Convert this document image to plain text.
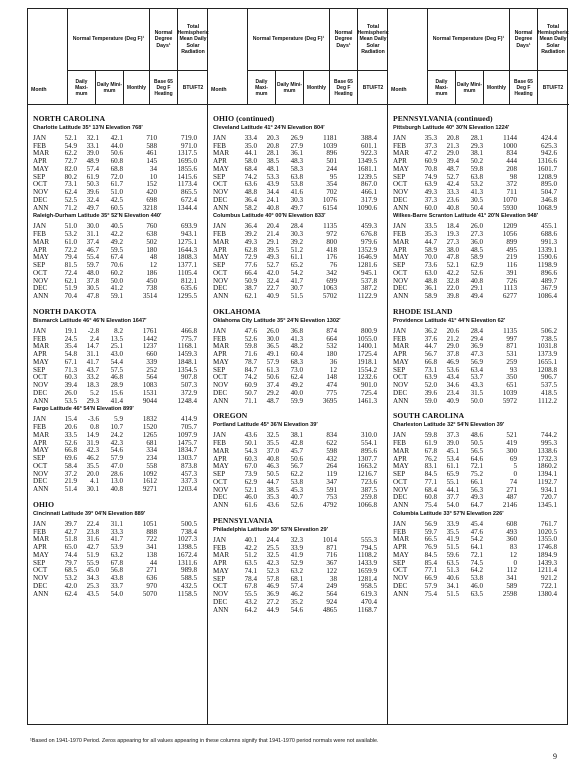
Month
Normal Temperature (Deg F)¹
Normal Degree Days¹
Total Hemispheric Mean Daily Solar Radiation
Daily Maxi- mum
Daily Mini- mum	Monthly
Base 65 Deg F Heating
BTU/FT2
NORTH CAROLINA
Charlotte Latitude 35° 13′N Elevation 768′
JAN	52.1	32.1	42.1	710	719.0
FEB	54.9	33.1	44.0	588	971.0
MAR	62.2	39.0	50.6	461	1317.5
APR	72.7	48.9	60.8	145	1695.0
MAY	82.0	57.4	68.8	34	1855.6
SEP	80.2	61.9	72.0	10	1415.6
OCT	73.1	50.3	61.7	152	1173.4
NOV	62.4	39.6	51.0	420	865.5
DEC	52.5	32.4	42.5	698	672.4
ANN	71.2	49.7	60.5	3218	1344.4
Raleigh-Durham Latitude 35° 52′N Elevation 440′
JAN	51.0	30.0	40.5	760	693.9
FEB	53.2	31.1	42.2	638	943.1
MAR	61.0	37.4	49.2	502	1275.1
APR	72.2	46.7	59.5	180	1644.3
MAY	79.4	55.4	67.4	48	1808.3
SEP	81.5	59.7	70.6	12	1377.1
OCT	72.4	48.0	60.2	186	1105.4
NOV	62.1	37.8	50.0	450	812.1
DEC	51.9	30.5	41.2	738	635.6
ANN	70.4	47.8	59.1	3514	1295.5
NORTH DAKOTA
Bismarck Latitude 46° 46′N Elevation 1647′
JAN	19.1	-2.8	8.2	1761	466.8
FEB	24.5	2.4	13.5	1442	775.7
MAR	35.4	14.7	25.1	1237	1168.1
APR	54.8	31.1	43.0	660	1459.3
MAY	67.1	41.7	54.4	339	1848.1
SEP	71.3	43.7	57.5	252	1354.5
OCT	60.3	33.2	46.8	564	907.8
NOV	39.4	18.3	28.9	1083	507.3
DEC	26.0	5.2	15.6	1531	372.9
ANN	53.5	29.3	41.4	9044	1248.4
Fargo Latitude 46° 54′N Elevation 899′
JAN	15.4	-3.6	5.9	1832	414.9
FEB	20.6	0.8	10.7	1520	705.7
MAR	33.5	14.9	24.2	1265	1097.9
APR	52.6	31.9	42.3	681	1475.7
MAY	66.8	42.3	54.6	334	1834.7
SEP	69.6	46.2	57.9	234	1303.7
OCT	58.4	35.5	47.0	558	873.8
NOV	37.2	20.0	28.6	1092	457.3
DEC	21.9	4.1	13.0	1612	337.3
ANN	51.4	30.1	40.8	9271	1203.4
OHIO
Cincinnati Latitude 39° 04′N Elevation 889′
JAN	39.7	22.4	31.1	1051	500.5
FEB	42.7	23.8	33.3	888	738.4
MAR	51.8	31.6	41.7	722	1027.3
APR	65.0	42.7	53.9	341	1398.5
MAY	74.4	51.9	63.2	138	1672.4
SEP	79.7	55.9	67.8	44	1311.6
OCT	68.5	45.0	56.8	271	989.8
NOV	53.2	34.3	43.8	636	588.5
DEC	42.0	25.3	33.7	970	432.5
ANN	62.4	43.5	54.0	5070	1158.5
Month
Normal Temperature (Deg F)¹
Normal Degree Days¹
Total Hemispheric Mean Daily Solar Radiation
Daily Maxi- mum
Daily Mini- mum	Monthly
Base 65 Deg F Heating
BTU/FT2
OHIO (continued)
Cleveland Latitude 41° 24′N Elevation 804′
JAN	33.4	20.3	26.9	1181	388.4
FEB	35.0	20.8	27.9	1039	601.1
MAR	44.1	28.1	36.1	896	922.3
APR	58.0	38.5	48.3	501	1349.5
MAY	68.4	48.1	58.3	244	1681.1
SEP	74.2	53.3	63.8	95	1239.5
OCT	63.6	43.9	53.8	354	867.0
NOV	48.8	34.4	41.6	702	466.1
DEC	36.4	24.1	30.3	1076	317.9
ANN	58.2	40.8	49.7	6154	1090.6
Columbus Latitude 40° 00′N Elevation 833′
JAN	36.4	20.4	28.4	1135	459.3
FEB	39.2	21.4	30.3	972	676.8
MAR	49.3	29.1	39.2	800	979.6
APR	62.8	39.5	51.2	418	1352.9
MAY	72.9	49.3	61.1	176	1646.9
SEP	77.6	52.7	65.2	76	1281.6
OCT	66.4	42.0	54.2	342	945.1
NOV	50.9	32.4	41.7	699	537.8
DEC	38.7	22.7	30.7	1063	387.2
ANN	62.1	40.9	51.5	5702	1122.9
OKLAHOMA
Oklahoma City Latitude 35° 24′N Elevation 1302′
JAN	47.6	26.0	36.8	874	800.9
FEB	52.6	30.0	41.3	664	1055.0
MAR	59.8	36.5	48.2	532	1400.1
APR	71.6	49.1	60.4	180	1725.4
MAY	78.7	57.9	68.3	36	1918.1
SEP	84.7	61.3	73.0	12	1554.2
OCT	74.2	50.6	62.4	148	1232.6
NOV	60.9	37.4	49.2	474	901.0
DEC	50.7	29.2	40.0	775	725.4
ANN	71.1	48.7	59.9	3695	1461.3
OREGON
Portland Latitude 45° 36′N Elevation 39′
JAN	43.6	32.5	38.1	834	310.0
FEB	50.1	35.5	42.8	622	554.1
MAR	54.3	37.0	45.7	598	895.6
APR	60.3	40.8	50.6	432	1307.7
MAY	67.0	46.3	56.7	264	1663.2
SEP	73.9	50.5	62.2	119	1216.7
OCT	62.9	44.7	53.8	347	723.6
NOV	52.1	38.5	45.3	591	387.5
DEC	46.0	35.3	40.7	753	259.8
ANN	61.6	43.6	52.6	4792	1066.8
PENNSYLVANIA
Philadelphia Latitude 39° 53′N Elevation 29′
JAN	40.1	24.4	32.3	1014	555.3
FEB	42.2	25.5	33.9	871	794.5
MAR	51.2	32.5	41.9	716	1108.2
APR	63.5	42.3	52.9	367	1433.9
MAY	74.1	52.3	63.2	122	1659.9
SEP	78.4	57.8	68.1	38	1281.4
OCT	67.8	46.9	57.4	249	958.5
NOV	55.5	36.9	46.2	564	619.3
DEC	43.2	27.2	35.2	924	470.4
ANN	64.2	44.9	54.6	4865	1168.7
Month
Normal Temperature (Deg F)¹
Normal Degree Days¹
Total Hemispheric Mean Daily Solar Radiation
Daily Maxi- mum
Daily Mini- mum	Monthly
Base 65 Deg F Heating
BTU/FT2
PENNSYLVANIA (continued)
Pittsburgh Latitude 40° 30′N Elevation 1224′
JAN	35.3	20.8	28.1	1144	424.4
FEB	37.3	21.3	29.3	1000	625.3
MAR	47.2	29.0	38.1	834	942.6
APR	60.9	39.4	50.2	444	1316.6
MAY	70.8	48.7	59.8	208	1601.7
SEP	74.9	52.7	63.8	98	1208.9
OCT	63.9	42.4	53.2	372	895.0
NOV	49.3	33.3	41.3	711	504.7
DEC	37.3	23.6	30.5	1070	346.8
ANN	60.0	40.8	50.4	5930	1068.9
Wilkes-Barre Scranton Latitude 41° 20′N Elevation 948′
JAN	33.5	18.4	26.0	1209	455.1
FEB	35.3	19.3	27.3	1056	688.6
MAR	44.7	27.3	36.0	899	991.3
APR	58.9	38.0	48.5	495	1339.1
MAY	70.0	47.8	58.9	219	1590.6
SEP	73.6	52.1	62.9	116	1198.9
OCT	63.0	42.2	52.6	391	896.6
NOV	48.8	32.8	40.8	726	489.7
DEC	36.1	22.0	29.1	1113	367.9
ANN	58.9	39.8	49.4	6277	1086.4
RHODE ISLAND
Providence Latitude 41° 44′N Elevation 62′
JAN	36.2	20.6	28.4	1135	506.2
FEB	37.6	21.2	29.4	997	738.5
MAR	44.7	29.0	36.9	871	1031.8
APR	56.7	37.8	47.3	531	1373.9
MAY	66.8	46.9	56.9	259	1655.1
SEP	73.1	53.6	63.4	93	1208.8
OCT	63.9	43.4	53.7	350	906.7
NOV	52.0	34.6	43.3	651	537.5
DEC	39.6	23.4	31.5	1039	418.5
ANN	59.0	40.9	50.0	5972	1112.2
SOUTH CAROLINA
Charleston Latitude 32° 54′N Elevation 39′
JAN	59.8	37.3	48.6	521	744.2
FEB	61.9	39.0	50.5	419	995.3
MAR	67.8	45.1	56.5	300	1338.6
APR	76.2	53.4	64.6	69	1732.3
MAY	83.1	61.1	72.1	5	1860.2
SEP	84.5	65.9	75.2	0	1394.1
OCT	77.1	55.1	66.1	74	1192.7
NOV	68.4	44.1	56.3	271	934.1
DEC	60.8	37.7	49.3	487	720.7
ANN	75.4	54.0	64.7	2146	1345.1
Columbia Latitude 33° 57′N Elevation 226′
JAN	56.9	33.9	45.4	608	761.7
FEB	59.7	35.5	47.6	493	1020.5
MAR	66.5	41.9	54.2	360	1355.0
APR	76.9	51.5	64.1	83	1746.8
MAY	84.5	59.6	72.1	12	1894.9
SEP	85.4	63.5	74.5	0	1439.3
OCT	77.1	51.3	64.2	112	1211.4
NOV	66.9	40.6	53.8	341	921.2
DEC	57.9	34.1	46.0	589	722.1
ANN	75.4	51.5	63.5	2598	1380.4
¹Based on 1941-1970 Period. Zeros appearing for all values appearing in these columns signify that 1941-1970 period normals were not available.
9
